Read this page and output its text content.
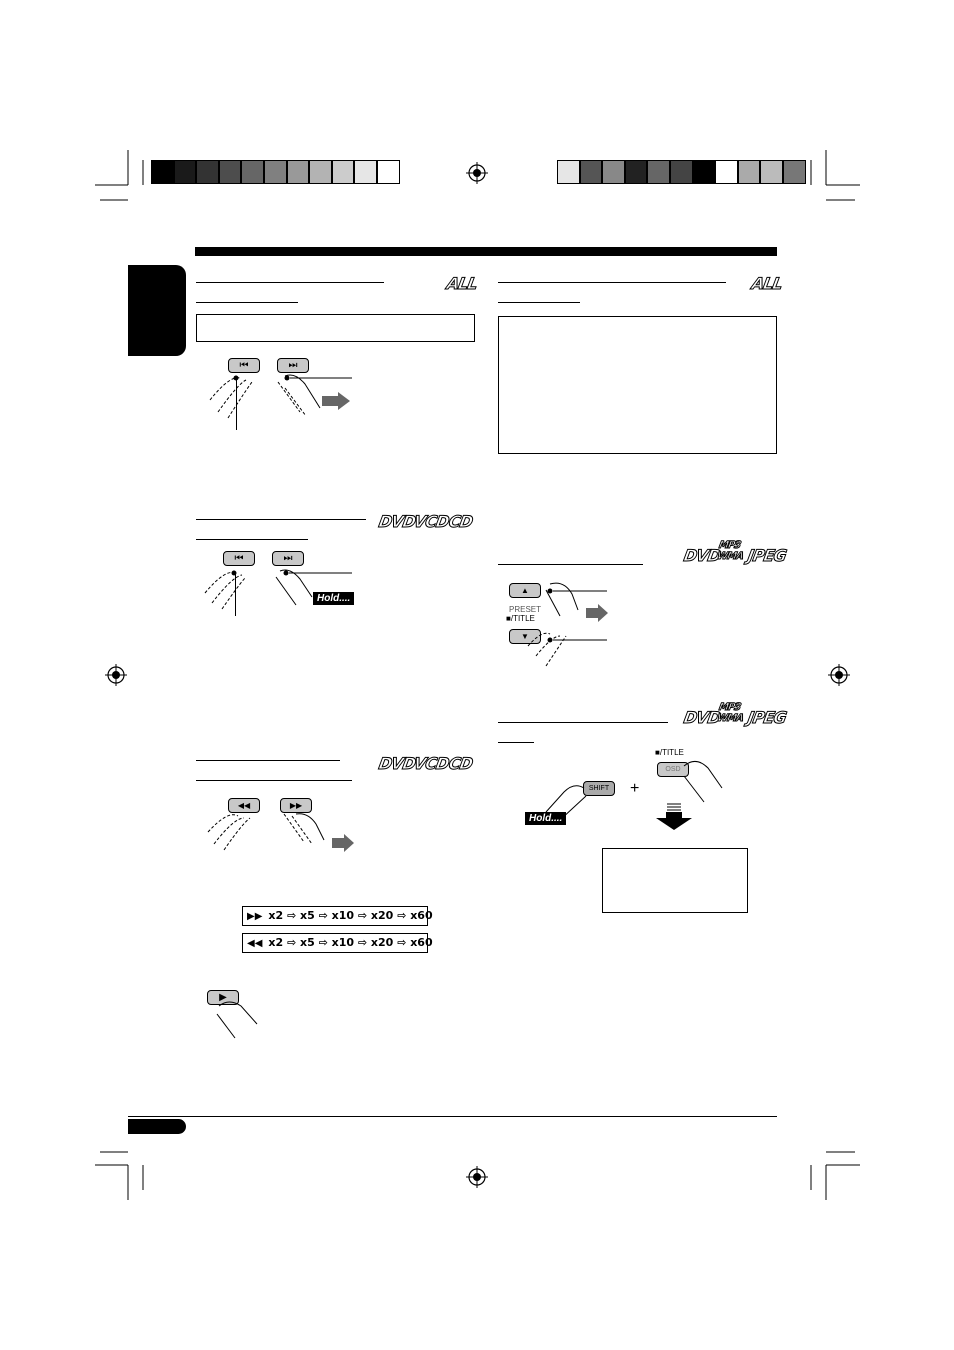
ALL
⏮	⏭
DVD
VCD
CD
⏮	⏭
Hold....
DVD
VCD
CD
◀◀	▶▶
▶▶ x2 ⇨ x5 ⇨ x10 ⇨ x20 ⇨ x60
◀◀ x2 ⇨ x5 ⇨ x10 ⇨ x20 ⇨ x60
▶
ALL
DVD
MP3 WMA JPEG
▲
PRESET
■/TITLE
▼
DVD
MP3 WMA JPEG
SHIFT
Hold....
+
■/TITLE
OSD
